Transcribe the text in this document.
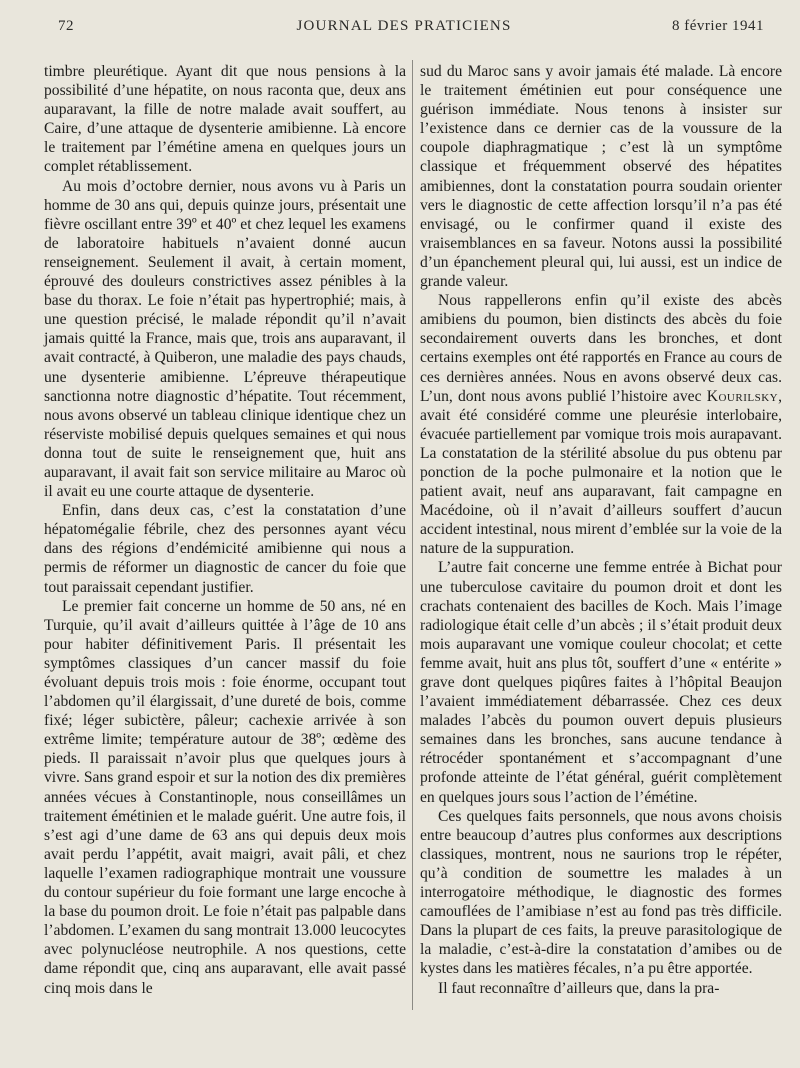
72	JOURNAL DES PRATICIENS	8 février 1941

timbre pleurétique. Ayant dit que nous pensions à la possibilité d’une hépatite, on nous raconta que, deux ans auparavant, la fille de notre malade avait souffert, au Caire, d’une attaque de dysenterie amibienne. Là encore le traitement par l’émétine amena en quelques jours un complet rétablissement.

Au mois d’octobre dernier, nous avons vu à Paris un homme de 30 ans qui, depuis quinze jours, présentait une fièvre oscillant entre 39º et 40º et chez lequel les examens de laboratoire habituels n’avaient donné aucun renseignement. Seulement il avait, à certain moment, éprouvé des douleurs constrictives assez pénibles à la base du thorax. Le foie n’était pas hypertrophié; mais, à une question précisé, le malade répondit qu’il n’avait jamais quitté la France, mais que, trois ans auparavant, il avait contracté, à Quiberon, une maladie des pays chauds, une dysenterie amibienne. L’épreuve thérapeutique sanctionna notre diagnostic d’hépatite. Tout récemment, nous avons observé un tableau clinique identique chez un réserviste mobilisé depuis quelques semaines et qui nous donna tout de suite le renseignement que, huit ans auparavant, il avait fait son service militaire au Maroc où il avait eu une courte attaque de dysenterie.

Enfin, dans deux cas, c’est la constatation d’une hépatomégalie fébrile, chez des personnes ayant vécu dans des régions d’endémicité amibienne qui nous a permis de réformer un diagnostic de cancer du foie que tout paraissait cependant justifier.

Le premier fait concerne un homme de 50 ans, né en Turquie, qu’il avait d’ailleurs quittée à l’âge de 10 ans pour habiter définitivement Paris. Il présentait les symptômes classiques d’un cancer massif du foie évoluant depuis trois mois : foie énorme, occupant tout l’abdomen qu’il élargissait, d’une dureté de bois, comme fixé; léger subictère, pâleur; cachexie arrivée à son extrême limite; température autour de 38º; œdème des pieds. Il paraissait n’avoir plus que quelques jours à vivre. Sans grand espoir et sur la notion des dix premières années vécues à Constantinople, nous conseillâmes un traitement émétinien et le malade guérit. Une autre fois, il s’est agi d’une dame de 63 ans qui depuis deux mois avait perdu l’appétit, avait maigri, avait pâli, et chez laquelle l’examen radiographique montrait une voussure du contour supérieur du foie formant une large encoche à la base du poumon droit. Le foie n’était pas palpable dans l’abdomen. L’examen du sang montrait 13.000 leucocytes avec polynucléose neutrophile. A nos questions, cette dame répondit que, cinq ans auparavant, elle avait passé cinq mois dans le

sud du Maroc sans y avoir jamais été malade. Là encore le traitement émétinien eut pour conséquence une guérison immédiate. Nous tenons à insister sur l’existence dans ce dernier cas de la voussure de la coupole diaphragmatique ; c’est là un symptôme classique et fréquemment observé des hépatites amibiennes, dont la constatation pourra soudain orienter vers le diagnostic de cette affection lorsqu’il n’a pas été envisagé, ou le confirmer quand il existe des vraisemblances en sa faveur. Notons aussi la possibilité d’un épanchement pleural qui, lui aussi, est un indice de grande valeur.

Nous rappellerons enfin qu’il existe des abcès amibiens du poumon, bien distincts des abcès du foie secondairement ouverts dans les bronches, et dont certains exemples ont été rapportés en France au cours de ces dernières années. Nous en avons observé deux cas. L’un, dont nous avons publié l’histoire avec Kourilsky, avait été considéré comme une pleurésie interlobaire, évacuée partiellement par vomique trois mois aurapavant. La constatation de la stérilité absolue du pus obtenu par ponction de la poche pulmonaire et la notion que le patient avait, neuf ans auparavant, fait campagne en Macédoine, où il n’avait d’ailleurs souffert d’aucun accident intestinal, nous mirent d’emblée sur la voie de la nature de la suppuration.

L’autre fait concerne une femme entrée à Bichat pour une tuberculose cavitaire du poumon droit et dont les crachats contenaient des bacilles de Koch. Mais l’image radiologique était celle d’un abcès ; il s’était produit deux mois auparavant une vomique couleur chocolat; et cette femme avait, huit ans plus tôt, souffert d’une « entérite » grave dont quelques piqûres faites à l’hôpital Beaujon l’avaient immédiatement débarrassée. Chez ces deux malades l’abcès du poumon ouvert depuis plusieurs semaines dans les bronches, sans aucune tendance à rétrocéder spontanément et s’accompagnant d’une profonde atteinte de l’état général, guérit complètement en quelques jours sous l’action de l’émétine.

Ces quelques faits personnels, que nous avons choisis entre beaucoup d’autres plus conformes aux descriptions classiques, montrent, nous ne saurions trop le répéter, qu’à condition de soumettre les malades à un interrogatoire méthodique, le diagnostic des formes camouflées de l’amibiase n’est au fond pas très difficile. Dans la plupart de ces faits, la preuve parasitologique de la maladie, c’est-à-dire la constatation d’amibes ou de kystes dans les matières fécales, n’a pu être apportée.

Il faut reconnaître d’ailleurs que, dans la pra-
